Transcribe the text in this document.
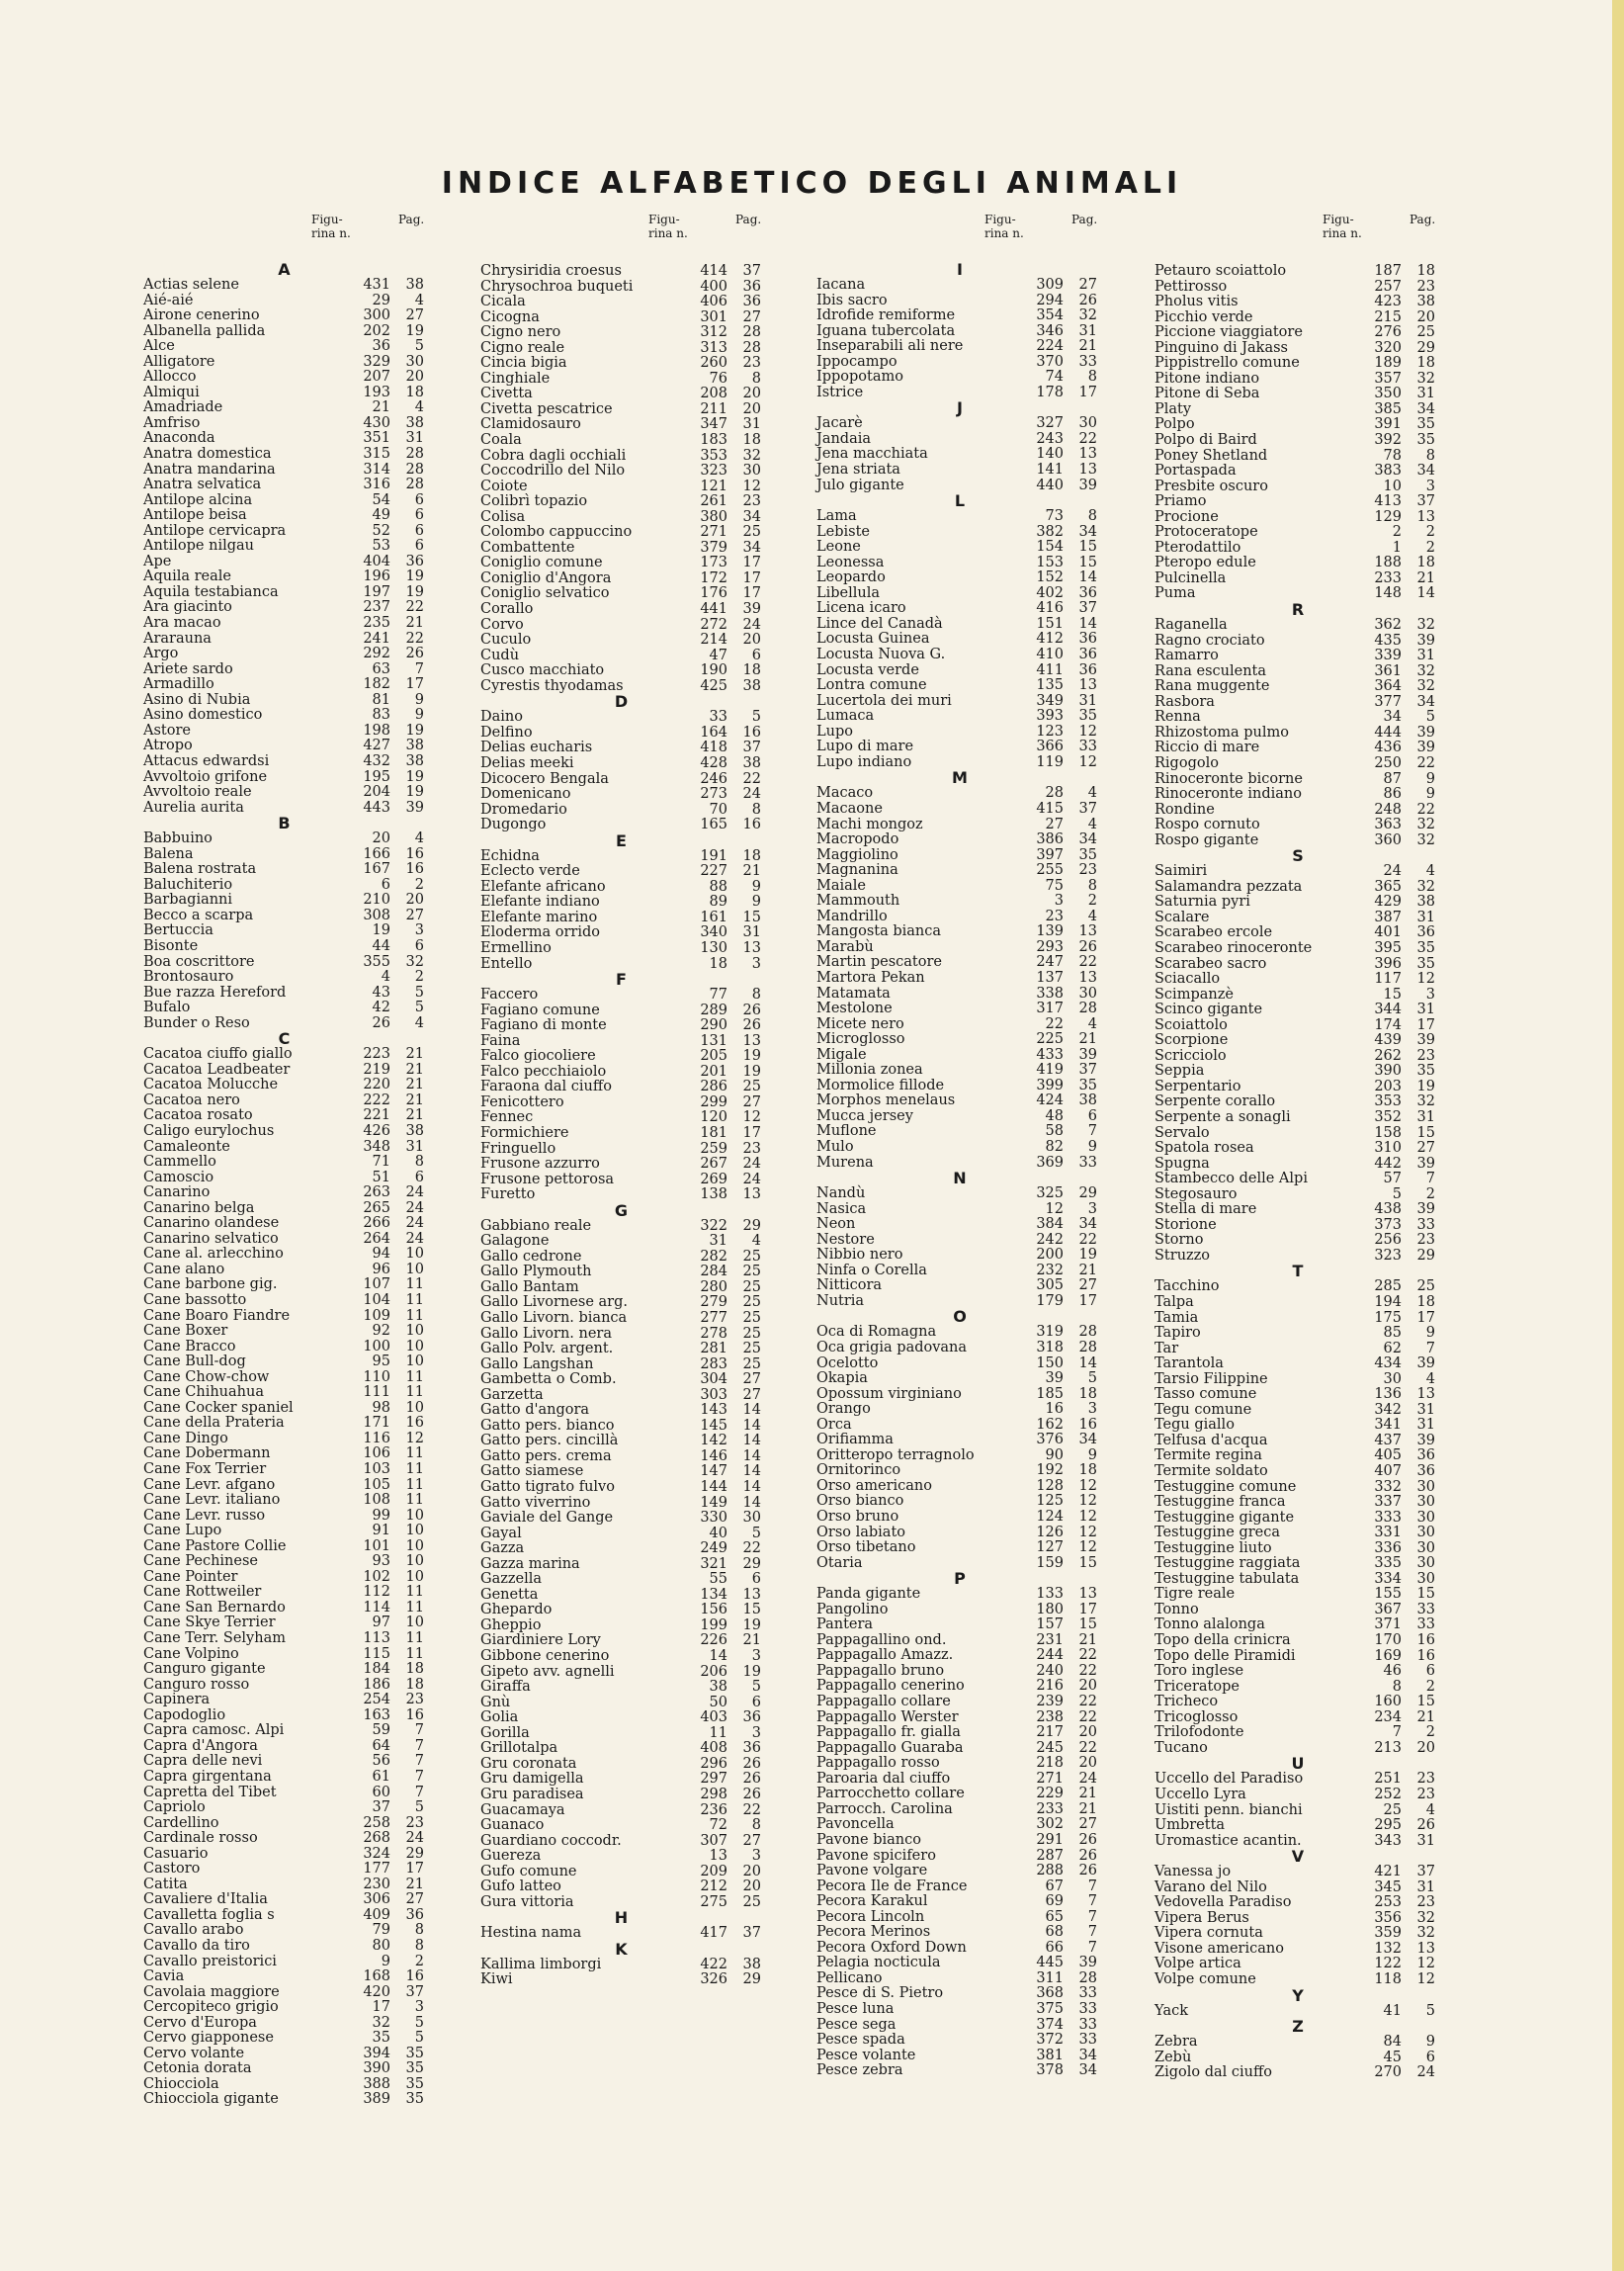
INDICE ALFABETICO DEGLI ANIMALI
Figu- rina n.
Pag.
A
Actias selene	431 38
Aié-aié	29 4
Airone cenerino	300 27
Albanella pallida	202 19
Alce	36 5
Alligatore	329 30
Allocco	207 20
Almiqui	193 18
Amadriade	21 4
Amfriso	430 38
Anaconda	351 31
Anatra domestica	315 28
Anatra mandarina	314 28
Anatra selvatica	316 28
Antilope alcina	54 6
Antilope beisa	49 6
Antilope cervicapra	52 6
Antilope nilgau	53 6
Ape	404 36
Aquila reale	196 19
Aquila testabianca	197 19
Ara giacinto	237 22
Ara macao	235 21
Ararauna	241 22
Argo	292 26
Ariete sardo	63 7
Armadillo	182 17
Asino di Nubia	81 9
Asino domestico	83 9
Astore	198 19
Atropo	427 38
Attacus edwardsi	432 38
Avvoltoio grifone	195 19
Avvoltoio reale	204 19
Aurelia aurita	443 39
B
Babbuino	20 4
Balena	166 16
Balena rostrata	167 16
Baluchiterio	6 2
Barbagianni	210 20
Becco a scarpa	308 27
Bertuccia	19 3
Bisonte	44 6
Boa coscrittore	355 32
Brontosauro	4 2
Bue razza Hereford	43 5
Bufalo	42 5
Bunder o Reso	26 4
C
Cacatoa ciuffo giallo	223 21
Cacatoa Leadbeater	219 21
Cacatoa Molucche	220 21
Cacatoa nero	222 21
Cacatoa rosato	221 21
Caligo eurylochus	426 38
Camaleonte	348 31
Cammello	71 8
Camoscio	51 6
Canarino	263 24
Canarino belga	265 24
Canarino olandese	266 24
Canarino selvatico	264 24
Cane al. arlecchino	94 10
Cane alano	96 10
Cane barbone gig.	107 11
Cane bassotto	104 11
Cane Boaro Fiandre	109 11
Cane Boxer	92 10
Cane Bracco	100 10
Cane Bull-dog	95 10
Cane Chow-chow	110 11
Cane Chihuahua	111 11
Cane Cocker spaniel	98 10
Cane della Prateria	171 16
Cane Dingo	116 12
Cane Dobermann	106 11
Cane Fox Terrier	103 11
Cane Levr. afgano	105 11
Cane Levr. italiano	108 11
Cane Levr. russo	99 10
Cane Lupo	91 10
Cane Pastore Collie	101 10
Cane Pechinese	93 10
Cane Pointer	102 10
Cane Rottweiler	112 11
Cane San Bernardo	114 11
Cane Skye Terrier	97 10
Cane Terr. Selyham	113 11
Cane Volpino	115 11
Canguro gigante	184 18
Canguro rosso	186 18
Capinera	254 23
Capodoglio	163 16
Capra camosc. Alpi	59 7
Capra d'Angora	64 7
Capra delle nevi	56 7
Capra girgentana	61 7
Capretta del Tibet	60 7
Capriolo	37 5
Cardellino	258 23
Cardinale rosso	268 24
Casuario	324 29
Castoro	177 17
Catita	230 21
Cavaliere d'Italia	306 27
Cavalletta foglia s	409 36
Cavallo arabo	79 8
Cavallo da tiro	80 8
Cavallo preistorici	9 2
Cavia	168 16
Cavolaia maggiore	420 37
Cercopiteco grigio	17 3
Cervo d'Europa	32 5
Cervo giapponese	35 5
Cervo volante	394 35
Cetonia dorata	390 35
Chiocciola	388 35
Chiocciola gigante	389 35
Figu- rina n.
Pag.
Chrysiridia croesus	414 37
Chrysochroa buqueti	400 36
Cicala	406 36
Cicogna	301 27
Cigno nero	312 28
Cigno reale	313 28
Cincia bigia	260 23
Cinghiale	76 8
Civetta	208 20
Civetta pescatrice	211 20
Clamidosauro	347 31
Coala	183 18
Cobra dagli occhiali	353 32
Coccodrillo del Nilo	323 30
Coiote	121 12
Colibrì topazio	261 23
Colisa	380 34
Colombo cappuccino	271 25
Combattente	379 34
Coniglio comune	173 17
Coniglio d'Angora	172 17
Coniglio selvatico	176 17
Corallo	441 39
Corvo	272 24
Cuculo	214 20
Cudù	47 6
Cusco macchiato	190 18
Cyrestis thyodamas	425 38
D
Daino	33 5
Delfino	164 16
Delias eucharis	418 37
Delias meeki	428 38
Dicocero Bengala	246 22
Domenicano	273 24
Dromedario	70 8
Dugongo	165 16
E
Echidna	191 18
Eclecto verde	227 21
Elefante africano	88 9
Elefante indiano	89 9
Elefante marino	161 15
Eloderma orrido	340 31
Ermellino	130 13
Entello	18 3
F
Faccero	77 8
Fagiano comune	289 26
Fagiano di monte	290 26
Faina	131 13
Falco giocoliere	205 19
Falco pecchiaiolo	201 19
Faraona dal ciuffo	286 25
Fenicottero	299 27
Fennec	120 12
Formichiere	181 17
Fringuello	259 23
Frusone azzurro	267 24
Frusone pettorosa	269 24
Furetto	138 13
G
Gabbiano reale	322 29
Galagone	31 4
Gallo cedrone	282 25
Gallo Plymouth	284 25
Gallo Bantam	280 25
Gallo Livornese arg.	279 25
Gallo Livorn. bianca	277 25
Gallo Livorn. nera	278 25
Gallo Polv. argent.	281 25
Gallo Langshan	283 25
Gambetta o Comb.	304 27
Garzetta	303 27
Gatto d'angora	143 14
Gatto pers. bianco	145 14
Gatto pers. cincillà	142 14
Gatto pers. crema	146 14
Gatto siamese	147 14
Gatto tigrato fulvo	144 14
Gatto viverrino	149 14
Gaviale del Gange	330 30
Gayal	40 5
Gazza	249 22
Gazza marina	321 29
Gazzella	55 6
Genetta	134 13
Ghepardo	156 15
Gheppio	199 19
Giardiniere Lory	226 21
Gibbone cenerino	14 3
Gipeto avv. agnelli	206 19
Giraffa	38 5
Gnù	50 6
Golia	403 36
Gorilla	11 3
Grillotalpa	408 36
Gru coronata	296 26
Gru damigella	297 26
Gru paradisea	298 26
Guacamaya	236 22
Guanaco	72 8
Guardiano coccodr.	307 27
Guereza	13 3
Gufo comune	209 20
Gufo latteo	212 20
Gura vittoria	275 25
H
Hestina nama	417 37
K
Kallima limborgi	422 38
Kiwi	326 29
Figu- rina n.
Pag.
I
Iacana	309 27
Ibis sacro	294 26
Idrofide remiforme	354 32
Iguana tubercolata	346 31
Inseparabili ali nere	224 21
Ippocampo	370 33
Ippopotamo	74 8
Istrice	178 17
J
Jacarè	327 30
Jandaia	243 22
Jena macchiata	140 13
Jena striata	141 13
Julo gigante	440 39
L
Lama	73 8
Lebiste	382 34
Leone	154 15
Leonessa	153 15
Leopardo	152 14
Libellula	402 36
Licena icaro	416 37
Lince del Canadà	151 14
Locusta Guinea	412 36
Locusta Nuova G.	410 36
Locusta verde	411 36
Lontra comune	135 13
Lucertola dei muri	349 31
Lumaca	393 35
Lupo	123 12
Lupo di mare	366 33
Lupo indiano	119 12
M
Macaco	28 4
Macaone	415 37
Machi mongoz	27 4
Macropodo	386 34
Maggiolino	397 35
Magnanina	255 23
Maiale	75 8
Mammouth	3 2
Mandrillo	23 4
Mangosta bianca	139 13
Marabù	293 26
Martin pescatore	247 22
Martora Pekan	137 13
Matamata	338 30
Mestolone	317 28
Micete nero	22 4
Microglosso	225 21
Migale	433 39
Millonia zonea	419 37
Mormolice fillode	399 35
Morphos menelaus	424 38
Mucca jersey	48 6
Muflone	58 7
Mulo	82 9
Murena	369 33
N
Nandù	325 29
Nasica	12 3
Neon	384 34
Nestore	242 22
Nibbio nero	200 19
Ninfa o Corella	232 21
Nitticora	305 27
Nutria	179 17
O
Oca di Romagna	319 28
Oca grigia padovana	318 28
Ocelotto	150 14
Okapia	39 5
Opossum virginiano	185 18
Orango	16 3
Orca	162 16
Orifiamma	376 34
Oritteropo terragnolo	90 9
Ornitorinco	192 18
Orso americano	128 12
Orso bianco	125 12
Orso bruno	124 12
Orso labiato	126 12
Orso tibetano	127 12
Otaria	159 15
P
Panda gigante	133 13
Pangolino	180 17
Pantera	157 15
Pappagallino ond.	231 21
Pappagallo Amazz.	244 22
Pappagallo bruno	240 22
Pappagallo cenerino	216 20
Pappagallo collare	239 22
Pappagallo Werster	238 22
Pappagallo fr. gialla	217 20
Pappagallo Guaraba	245 22
Pappagallo rosso	218 20
Paroaria dal ciuffo	271 24
Parrocchetto collare	229 21
Parrocch. Carolina	233 21
Pavoncella	302 27
Pavone bianco	291 26
Pavone spicifero	287 26
Pavone volgare	288 26
Pecora Ile de France	67 7
Pecora Karakul	69 7
Pecora Lincoln	65 7
Pecora Merinos	68 7
Pecora Oxford Down	66 7
Pelagia nocticula	445 39
Pellicano	311 28
Pesce di S. Pietro	368 33
Pesce luna	375 33
Pesce sega	374 33
Pesce spada	372 33
Pesce volante	381 34
Pesce zebra	378 34
Figu- rina n.
Pag.
Petauro scoiattolo	187 18
Pettirosso	257 23
Pholus vitis	423 38
Picchio verde	215 20
Piccione viaggiatore	276 25
Pinguino di Jakass	320 29
Pippistrello comune	189 18
Pitone indiano	357 32
Pitone di Seba	350 31
Platy	385 34
Polpo	391 35
Polpo di Baird	392 35
Poney Shetland	78 8
Portaspada	383 34
Presbite oscuro	10 3
Priamo	413 37
Procione	129 13
Protoceratope	2 2
Pterodattilo	1 2
Pteropo edule	188 18
Pulcinella	233 21
Puma	148 14
R
Raganella	362 32
Ragno crociato	435 39
Ramarro	339 31
Rana esculenta	361 32
Rana muggente	364 32
Rasbora	377 34
Renna	34 5
Rhizostoma pulmo	444 39
Riccio di mare	436 39
Rigogolo	250 22
Rinoceronte bicorne	87 9
Rinoceronte indiano	86 9
Rondine	248 22
Rospo cornuto	363 32
Rospo gigante	360 32
S
Saimiri	24 4
Salamandra pezzata	365 32
Saturnia pyri	429 38
Scalare	387 31
Scarabeo ercole	401 36
Scarabeo rinoceronte	395 35
Scarabeo sacro	396 35
Sciacallo	117 12
Scimpanzè	15 3
Scinco gigante	344 31
Scoiattolo	174 17
Scorpione	439 39
Scricciolo	262 23
Seppia	390 35
Serpentario	203 19
Serpente corallo	353 32
Serpente a sonagli	352 31
Servalo	158 15
Spatola rosea	310 27
Spugna	442 39
Stambecco delle Alpi	57 7
Stegosauro	5 2
Stella di mare	438 39
Storione	373 33
Storno	256 23
Struzzo	323 29
T
Tacchino	285 25
Talpa	194 18
Tamia	175 17
Tapiro	85 9
Tar	62 7
Tarantola	434 39
Tarsio Filippine	30 4
Tasso comune	136 13
Tegu comune	342 31
Tegu giallo	341 31
Telfusa d'acqua	437 39
Termite regina	405 36
Termite soldato	407 36
Testuggine comune	332 30
Testuggine franca	337 30
Testuggine gigante	333 30
Testuggine greca	331 30
Testuggine liuto	336 30
Testuggine raggiata	335 30
Testuggine tabulata	334 30
Tigre reale	155 15
Tonno	367 33
Tonno alalonga	371 33
Topo della crinicra	170 16
Topo delle Piramidi	169 16
Toro inglese	46 6
Triceratope	8 2
Tricheco	160 15
Tricoglosso	234 21
Trilofodonte	7 2
Tucano	213 20
U
Uccello del Paradiso	251 23
Uccello Lyra	252 23
Uistiti penn. bianchi	25 4
Umbretta	295 26
Uromastice acantin.	343 31
V
Vanessa jo	421 37
Varano del Nilo	345 31
Vedovella Paradiso	253 23
Vipera Berus	356 32
Vipera cornuta	359 32
Visone americano	132 13
Volpe artica	122 12
Volpe comune	118 12
Y
Yack	41 5
Z
Zebra	84 9
Zebù	45 6
Zigolo dal ciuffo	270 24
